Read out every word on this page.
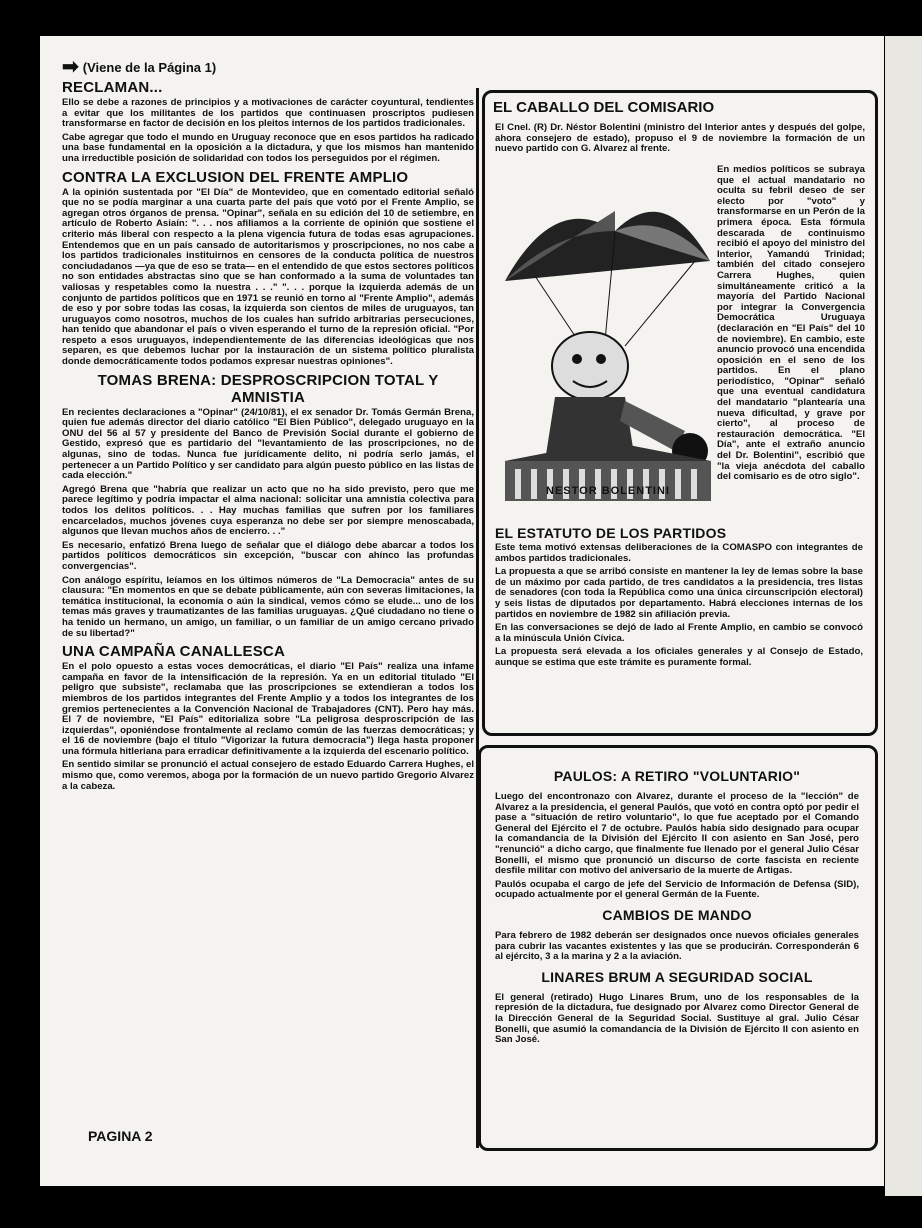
➡ (Viene de la Página 1)
RECLAMAN...

Ello se debe a razones de principios y a motivaciones de carácter coyuntural, tendientes a evitar que los militantes de los partidos que continuasen proscriptos pudiesen transformarse en factor de decisión en los pleitos internos de los partidos tradicionales.

Cabe agregar que todo el mundo en Uruguay reconoce que en esos partidos ha radicado una base fundamental en la oposición a la dictadura, y que los mismos han mantenido una irreductible posición de solidaridad con todos los perseguidos por el régimen.

CONTRA LA EXCLUSION DEL FRENTE AMPLIO

A la opinión sustentada por "El Día" de Montevideo, que en comentado editorial señaló que no se podía marginar a una cuarta parte del país que votó por el Frente Amplio, se agregan otros órganos de prensa. "Opinar", señala en su edición del 10 de setiembre, en artículo de Roberto Asiaín: ". . . nos afiliamos a la corriente de opinión que sostiene el criterio más liberal con respecto a la plena vigencia futura de todas esas agrupaciones. Entendemos que en un país cansado de autoritarismos y proscripciones, no nos cabe a los partidos tradicionales instituirnos en censores de la conducta política de nuestros conciudadanos —ya que de eso se trata— en el entendido de que estos sectores políticos no son entidades abstractas sino que se han conformado a la suma de voluntades tan valiosas y respetables como la nuestra . . ." ". . . porque la izquierda además de un conjunto de partidos políticos que en 1971 se reunió en torno al "Frente Amplio", además de eso y por sobre todas las cosas, la izquierda son cientos de miles de uruguayos, tan uruguayos como nosotros, muchos de los cuales han sufrido arbitrarias persecuciones, han tenido que abandonar el país o viven esperando el turno de la represión oficial. "Por respeto a esos uruguayos, independientemente de las diferencias ideológicas que nos separen, es que debemos luchar por la instauración de un sistema político pluralista donde democráticamente todos podamos expresar nuestras opiniones".

TOMAS BRENA: DESPROSCRIPCION TOTAL Y AMNISTIA

En recientes declaraciones a "Opinar" (24/10/81), el ex senador Dr. Tomás Germán Brena, quien fue además director del diario católico "El Bien Público", delegado uruguayo en la ONU del 56 al 57 y presidente del Banco de Previsión Social durante el gobierno de Gestido, expresó que es partidario del "levantamiento de las proscripciones, no de algunas, sino de todas. Nunca fue jurídicamente delito, ni podría serlo jamás, el pertenecer a un Partido Político y ser candidato para algún puesto público en las listas de cada elección."

Agregó Brena que "habría que realizar un acto que no ha sido previsto, pero que me parece legítimo y podría impactar el alma nacional: solicitar una amnistía colectiva para todos los delitos políticos. . . Hay muchas familias que sufren por los familiares encarcelados, muchos jóvenes cuya esperanza no debe ser por siempre menoscabada, algunos que llevan muchos años de encierro. . ."

Es necesario, enfatizó Brena luego de señalar que el diálogo debe abarcar a todos los partidos políticos democráticos sin excepción, "buscar con ahínco las profundas convergencias".

Con análogo espíritu, leíamos en los últimos números de "La Democracia" antes de su clausura: "En momentos en que se debate públicamente, aún con severas limitaciones, la temática institucional, la economía o aún la sindical, vemos cómo se elude... uno de los temas más graves y traumatizantes de las familias uruguayas. ¿Qué ciudadano no tiene o ha tenido un hermano, un amigo, un familiar, o un familiar de un amigo cercano privado de su libertad?"

UNA CAMPAÑA CANALLESCA

En el polo opuesto a estas voces democráticas, el diario "El País" realiza una infame campaña en favor de la intensificación de la represión. Ya en un editorial titulado "El peligro que subsiste", reclamaba que las proscripciones se extendieran a todos los miembros de los partidos integrantes del Frente Amplio y a todos los integrantes de los gremios pertenecientes a la Convención Nacional de Trabajadores (CNT). Pero hay más. El 7 de noviembre, "El País" editorializa sobre "La peligrosa desproscripción de las izquierdas", oponiéndose frontalmente al reclamo común de las fuerzas democráticas; y el 16 de noviembre (bajo el título "Vigorizar la futura democracia") llega hasta proponer una fórmula hitleriana para erradicar definitivamente a la izquierda del escenario político.

En sentido similar se pronunció el actual consejero de estado Eduardo Carrera Hughes, el mismo que, como veremos, aboga por la formación de un nuevo partido Gregorio Alvarez a la cabeza.

PAGINA 2
EL CABALLO DEL COMISARIO

El Cnel. (R) Dr. Néstor Bolentini (ministro del Interior antes y después del golpe, ahora consejero de estado), propuso el 9 de noviembre la formación de un nuevo partido con G. Alvarez al frente.

NESTOR BOLENTINI

En medios políticos se subraya que el actual mandatario no oculta su febril deseo de ser electo por "voto" y transformarse en un Perón de la primera época. Esta fórmula descarada de continuismo recibió el apoyo del ministro del Interior, Yamandú Trinidad; también del citado consejero Carrera Hughes, quien simultáneamente criticó a la mayoría del Partido Nacional por integrar la Convergencia Democrática Uruguaya (declaración en "El País" del 10 de noviembre). En cambio, este anuncio provocó una encendida oposición en el seno de los partidos. En el plano periodístico, "Opinar" señaló que una eventual candidatura del mandatario "plantearía una nueva dificultad, y grave por cierto", al proceso de restauración democrática. "El Día", ante el extraño anuncio del Dr. Bolentini", escribió que "la vieja anécdota del caballo del comisario es de otro siglo".

EL ESTATUTO DE LOS PARTIDOS

Este tema motivó extensas deliberaciones de la COMASPO con integrantes de ambos partidos tradicionales.

La propuesta a que se arribó consiste en mantener la ley de lemas sobre la base de un máximo por cada partido, de tres candidatos a la presidencia, tres listas de senadores (con toda la República como una única circunscripción electoral) y seis listas de diputados por departamento. Habrá elecciones internas de los partidos en noviembre de 1982 sin afiliación previa.

En las conversaciones se dejó de lado al Frente Amplio, en cambio se convocó a la minúscula Unión Cívica.

La propuesta será elevada a los oficiales generales y al Consejo de Estado, aunque se estima que este trámite es puramente formal.

PAULOS: A RETIRO "VOLUNTARIO"

Luego del encontronazo con Alvarez, durante el proceso de la "lección" de Alvarez a la presidencia, el general Paulós, que votó en contra optó por pedir el pase a "situación de retiro voluntario", lo que fue aceptado por el Comando General del Ejército el 7 de octubre. Paulós había sido designado para ocupar la comandancia de la División del Ejército II con asiento en San José, pero "renunció" a dicho cargo, que finalmente fue llenado por el general Julio César Bonelli, el mismo que pronunció un discurso de corte fascista en reciente desfile militar con motivo del aniversario de la muerte de Artigas.

Paulós ocupaba el cargo de jefe del Servicio de Información de Defensa (SID), ocupado actualmente por el general Germán de la Fuente.

CAMBIOS DE MANDO

Para febrero de 1982 deberán ser designados once nuevos oficiales generales para cubrir las vacantes existentes y las que se producirán. Corresponderán 6 al ejército, 3 a la marina y 2 a la aviación.

LINARES BRUM A SEGURIDAD SOCIAL

El general (retirado) Hugo Linares Brum, uno de los responsables de la represión de la dictadura, fue designado por Alvarez como Director General de la Dirección General de la Seguridad Social. Sustituye al gral. Julio César Bonelli, que asumió la comandancia de la División de Ejército II con asiento en San José.
